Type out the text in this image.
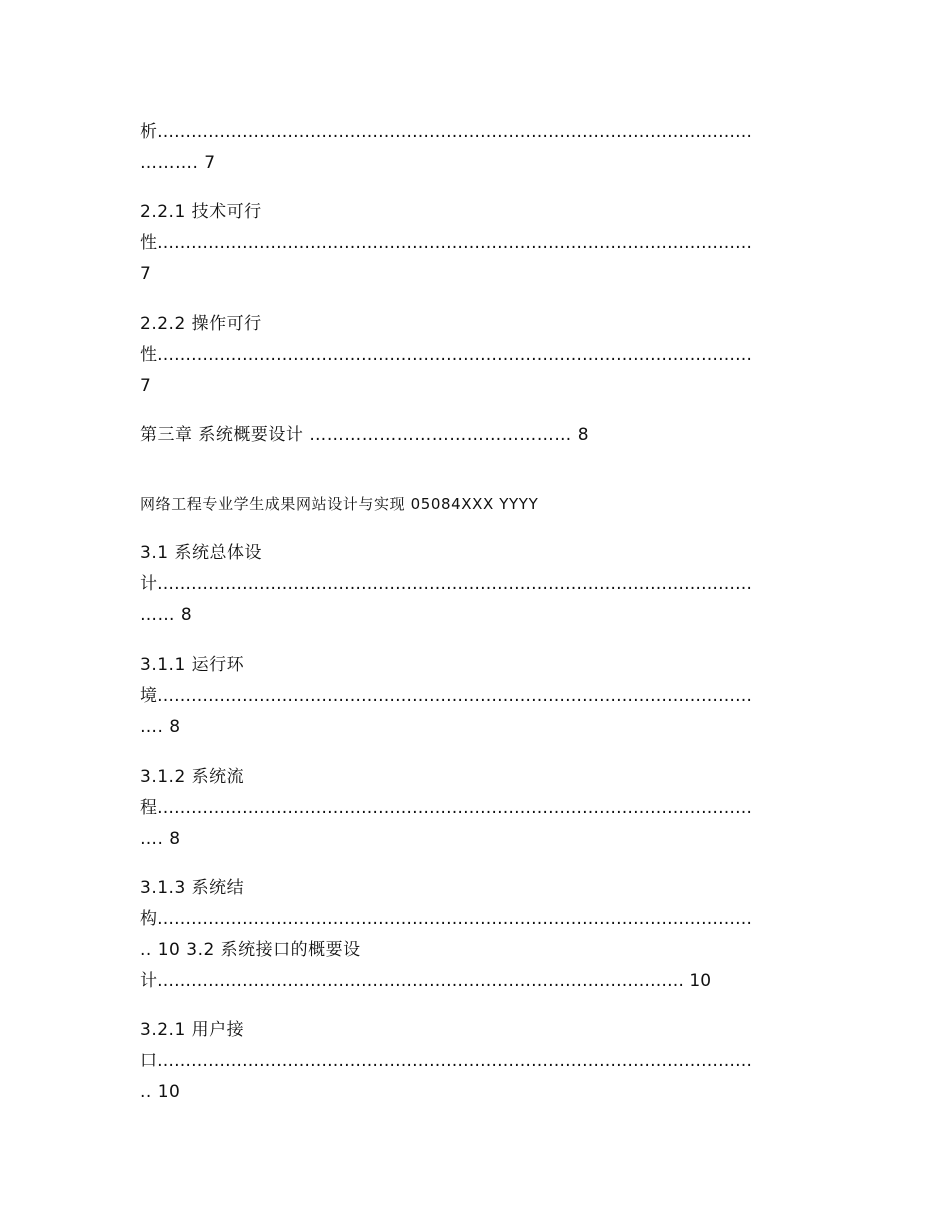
析……………………………………………………………………………………………
………. 7
2.2.1 技术可行
性……………………………………………………………………………………………
7
2.2.2 操作可行
性……………………………………………………………………………………………
7
第三章 系统概要设计 ……………………………………… 8
网络工程专业学生成果网站设计与实现 05084XXX YYYY
3.1 系统总体设
计……………………………………………………………………………………………
…… 8
3.1.1 运行环
境……………………………………………………………………………………………
…. 8
3.1.2 系统流
程……………………………………………………………………………………………
…. 8
3.1.3 系统结
构……………………………………………………………………………………………
.. 10 3.2 系统接口的概要设
计………………………………………………………………………………… 10
3.2.1 用户接
口……………………………………………………………………………………………
.. 10
